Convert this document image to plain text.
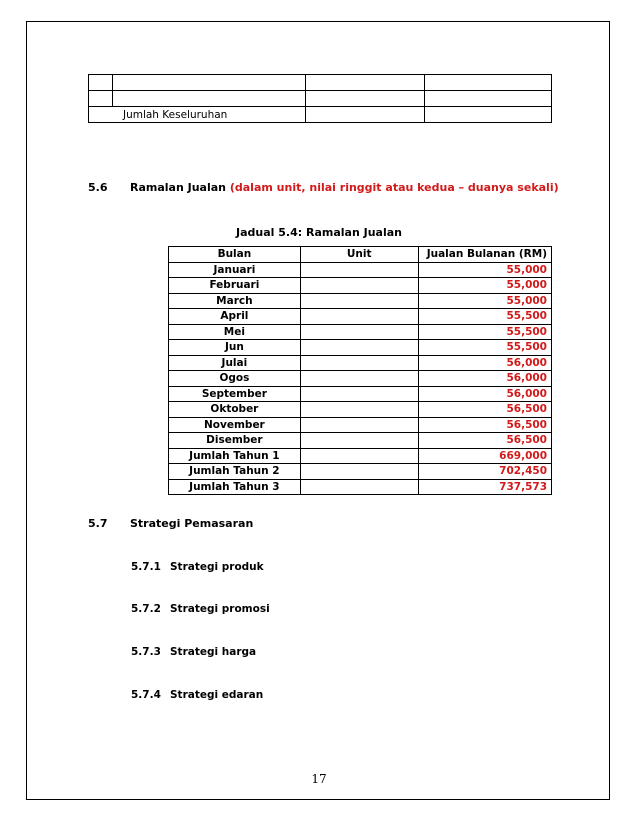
	Jumlah Keseluruhan		
5.6 Ramalan Jualan (dalam unit, nilai ringgit atau kedua – duanya sekali)
Jadual 5.4: Ramalan Jualan
Bulan	Unit	Jualan Bulanan (RM)
Januari		55,000
Februari		55,000
March		55,000
April		55,500
Mei		55,500
Jun		55,500
Julai		56,000
Ogos		56,000
September		56,000
Oktober		56,500
November		56,500
Disember		56,500
Jumlah Tahun 1		669,000
Jumlah Tahun 2		702,450
Jumlah Tahun 3		737,573
5.7 Strategi Pemasaran
5.7.1 Strategi produk
5.7.2 Strategi promosi
5.7.3 Strategi harga
5.7.4 Strategi edaran
17
